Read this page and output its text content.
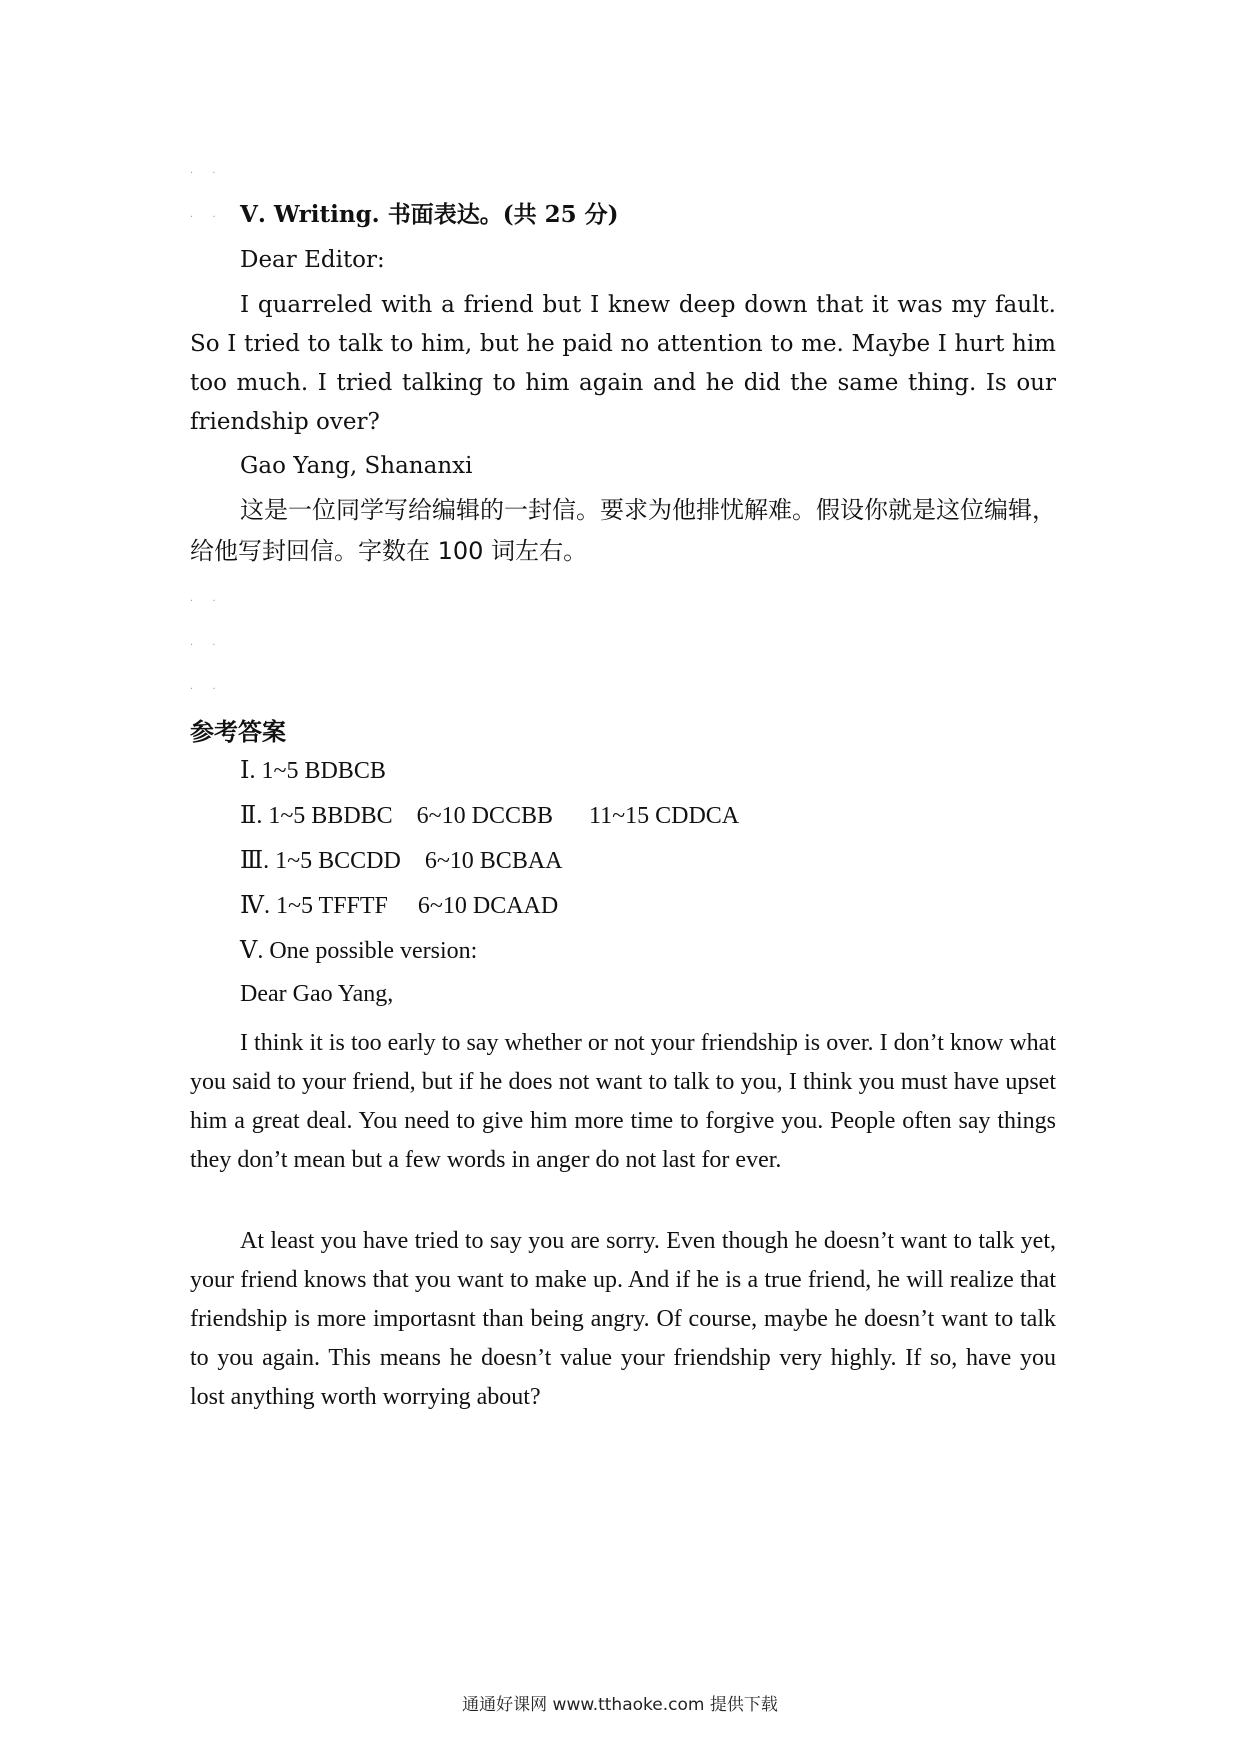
· ·
· · Ⅴ. Writing. 书面表达。(共 25 分)
Dear Editor:
I quarreled with a friend but I knew deep down that it was my fault. So I tried to talk to him, but he paid no attention to me. Maybe I hurt him too much. I tried talking to him again and he did the same thing. Is our friendship over?
Gao Yang, Shananxi
这是一位同学写给编辑的一封信。要求为他排忧解难。假设你就是这位编辑，给他写封回信。字数在 100 词左右。
· ·
· ·
· ·
参考答案
Ⅰ. 1~5 BDBCB
Ⅱ. 1~5 BBDBC    6~10 DCCBB      11~15 CDDCA
Ⅲ. 1~5 BCCDD    6~10 BCBAA
Ⅳ. 1~5 TFFTF     6~10 DCAAD
Ⅴ. One possible version:
Dear Gao Yang,
I think it is too early to say whether or not your friendship is over. I don’t know what you said to your friend, but if he does not want to talk to you, I think you must have upset him a great deal. You need to give him more time to forgive you. People often say things they don’t mean but a few words in anger do not last for ever.
At least you have tried to say you are sorry. Even though he doesn’t want to talk yet, your friend knows that you want to make up. And if he is a true friend, he will realize that friendship is more importasnt than being angry. Of course, maybe he doesn’t want to talk to you again. This means he doesn’t value your friendship very highly. If so, have you lost anything worth worrying about?
通通好课网 www.tthaoke.com 提供下载
